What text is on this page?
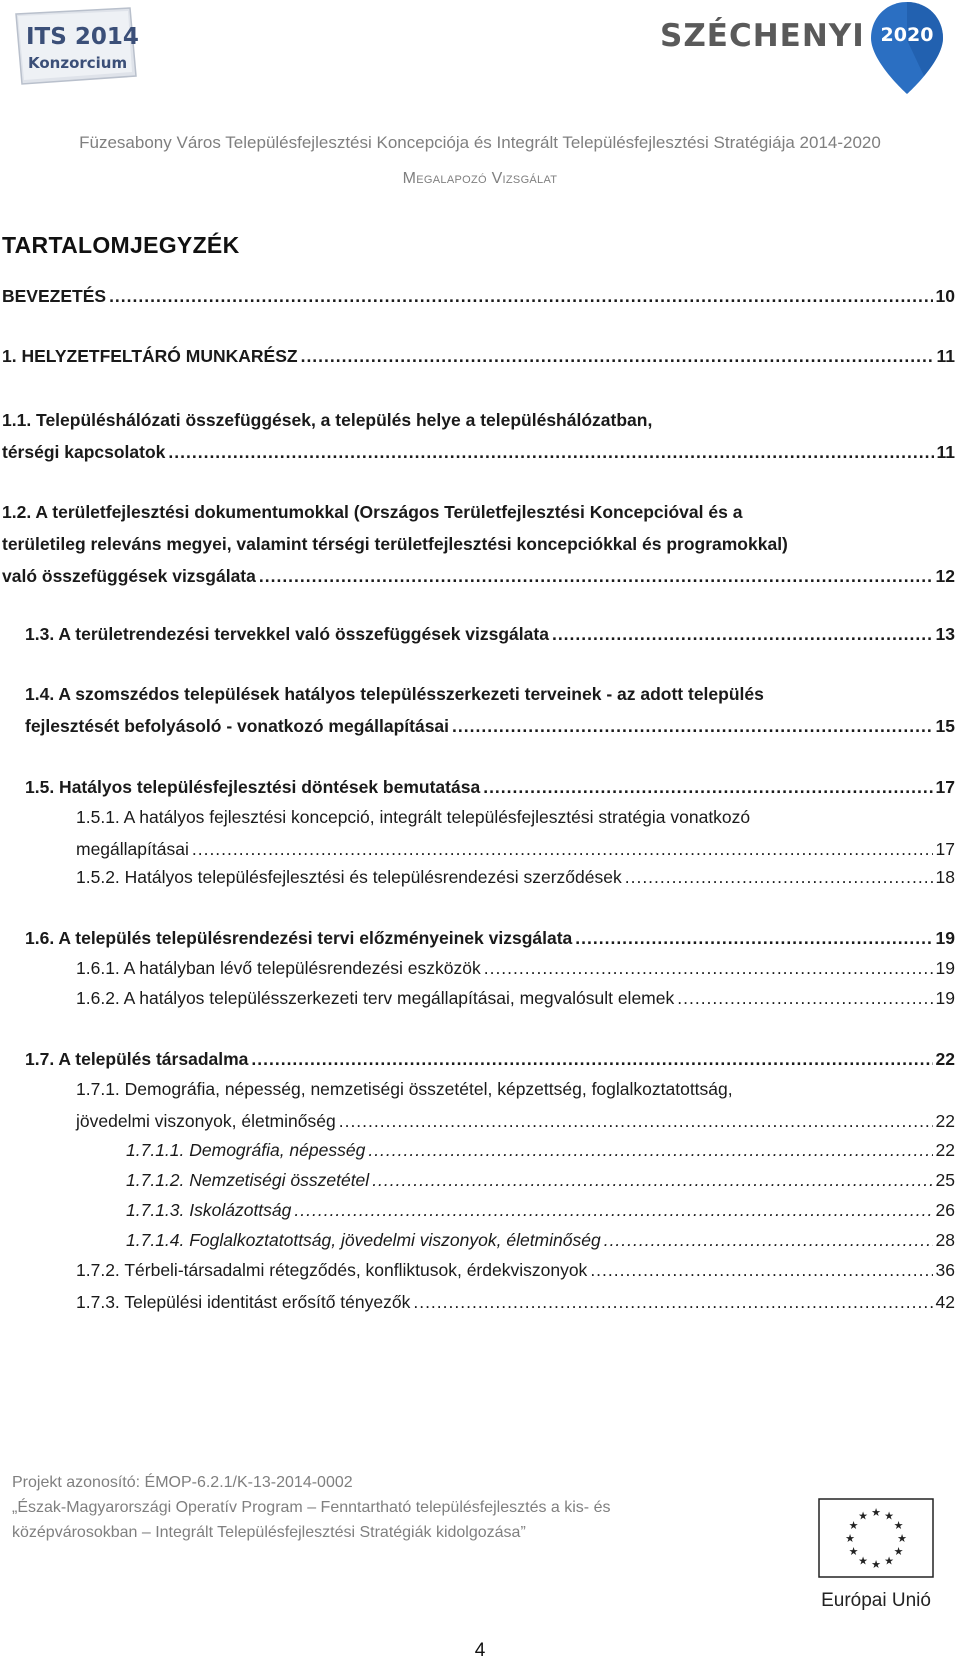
ITS 2014
Konzorcium
SZÉCHENYI 2020
Füzesabony Város Településfejlesztési Koncepciója és Integrált Településfejlesztési Stratégiája 2014-2020
Megalapozó Vizsgálat
TARTALOMJEGYZÉK
BEVEZETÉS .....	10
1. HELYZETFELTÁRÓ MUNKARÉSZ .....	11
1.1. Településhálózati összefüggések, a település helye a településhálózatban,
térségi kapcsolatok .....	11
1.2. A területfejlesztési dokumentumokkal (Országos Területfejlesztési Koncepcióval és a
területileg releváns megyei, valamint térségi területfejlesztési koncepciókkal és programokkal)
való összefüggések vizsgálata .....	12
1.3. A területrendezési tervekkel való összefüggések vizsgálata .....	13
1.4. A szomszédos települések hatályos településszerkezeti terveinek - az adott település
fejlesztését befolyásoló - vonatkozó megállapításai .....	15
1.5. Hatályos településfejlesztési döntések bemutatása .....	17
1.5.1. A hatályos fejlesztési koncepció, integrált településfejlesztési stratégia vonatkozó
megállapításai .....	17
1.5.2. Hatályos településfejlesztési és településrendezési szerződések .....	18
1.6. A település településrendezési tervi előzményeinek vizsgálata .....	19
1.6.1. A hatályban lévő településrendezési eszközök .....	19
1.6.2. A hatályos településszerkezeti terv megállapításai, megvalósult elemek .....	19
1.7. A település társadalma .....	22
1.7.1. Demográfia, népesség, nemzetiségi összetétel, képzettség, foglalkoztatottság,
jövedelmi viszonyok, életminőség .....	22
1.7.1.1. Demográfia, népesség .....	22
1.7.1.2. Nemzetiségi összetétel .....	25
1.7.1.3. Iskolázottság .....	26
1.7.1.4. Foglalkoztatottság, jövedelmi viszonyok, életminőség .....	28
1.7.2. Térbeli-társadalmi rétegződés, konfliktusok, érdekviszonyok .....	36
1.7.3. Települési identitást erősítő tényezők .....	42
Projekt azonosító: ÉMOP-6.2.1/K-13-2014-0002
„Észak-Magyarországi Operatív Program – Fenntartható településfejlesztés a kis- és
középvárosokban – Integrált Településfejlesztési Stratégiák kidolgozása”
★ ★
★
★
★
★
★
★
★
★
★
★
Európai Unió
4
